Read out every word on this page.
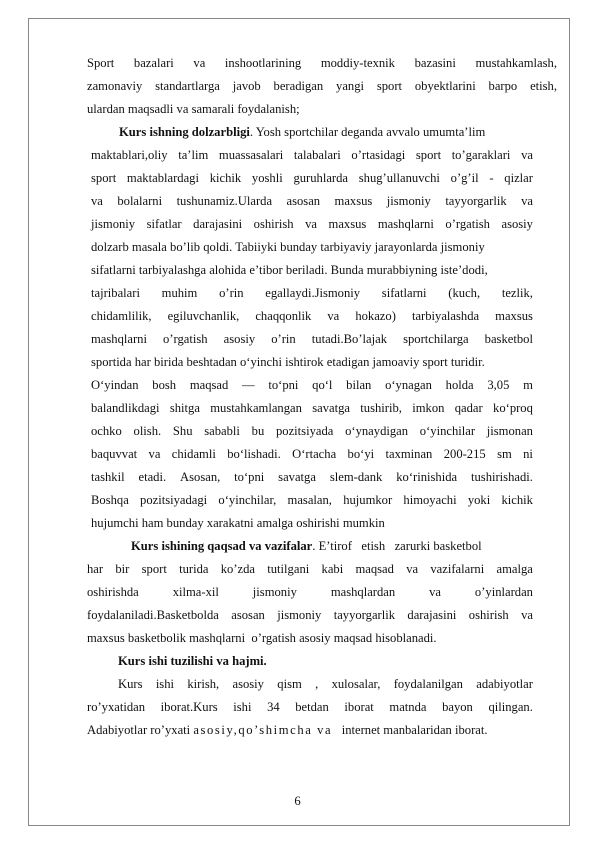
Sport bazalari va inshootlarining moddiy-texnik bazasini mustahkamlash,
zamonaviy standartlarga javob beradigan yangi sport obyektlarini barpo etish,
ulardan maqsadli va samarali foydalanish;
Kurs ishning dolzarbligi. Yosh sportchilar deganda avvalo umumta’lim
maktablari,oliy ta’lim muassasalari talabalari o’rtasidagi sport to’garaklari va
sport maktablardagi kichik yoshli guruhlarda shug’ullanuvchi o’g’il - qizlar
va bolalarni tushunamiz.Ularda asosan maxsus jismoniy tayyorgarlik va
jismoniy sifatlar darajasini oshirish va maxsus mashqlarni o’rgatish asosiy
dolzarb masala bo’lib qoldi. Tabiiyki bunday tarbiyaviy jarayonlarda jismoniy
sifatlarni tarbiyalashga alohida e’tibor beriladi. Bunda murabbiyning iste’dodi,
tajribalari muhim o’rin egallaydi.Jismoniy sifatlarni (kuch, tezlik,
chidamlilik, egiluvchanlik, chaqqonlik va hokazo) tarbiyalashda maxsus
mashqlarni o’rgatish asosiy o’rin tutadi.Bo’lajak sportchilarga basketbol
sportida har birida beshtadan o‘yinchi ishtirok etadigan jamoaviy sport turidir.
O‘yindan bosh maqsad — to‘pni qo‘l bilan o‘ynagan holda 3,05 m
balandlikdagi shitga mustahkamlangan savatga tushirib, imkon qadar ko‘proq
ochko olish. Shu sababli bu pozitsiyada o‘ynaydigan o‘yinchilar jismonan
baquvvat va chidamli bo‘lishadi. O‘rtacha bo‘yi taxminan 200-215 sm ni
tashkil etadi. Asosan, to‘pni savatga slem-dank ko‘rinishida tushirishadi.
Boshqa pozitsiyadagi o‘yinchilar, masalan, hujumkor himoyachi yoki kichik
hujumchi ham bunday xarakatni amalga oshirishi mumkin
Kurs ishining qaqsad va vazifalar. E’tirof   etish   zarurki basketbol
har bir sport turida ko’zda tutilgani kabi maqsad va vazifalarni amalga
oshirishda	xilma-xil	jismoniy	mashqlardan	va	o’yinlardan
foydalaniladi.Basketbolda asosan jismoniy tayyorgarlik darajasini oshirish va
maxsus basketbolik mashqlarni  o’rgatish asosiy maqsad hisoblanadi.
Kurs ishi tuzilishi va hajmi.
Kurs ishi kirish, asosiy qism , xulosalar, foydalanilgan adabiyotlar
ro’yxatidan iborat.Kurs ishi 34 betdan iborat matnda bayon qilingan.
Adabiyotlar ro’yxati asosiy,qo’shimcha va   internet manbalaridan iborat.
6
